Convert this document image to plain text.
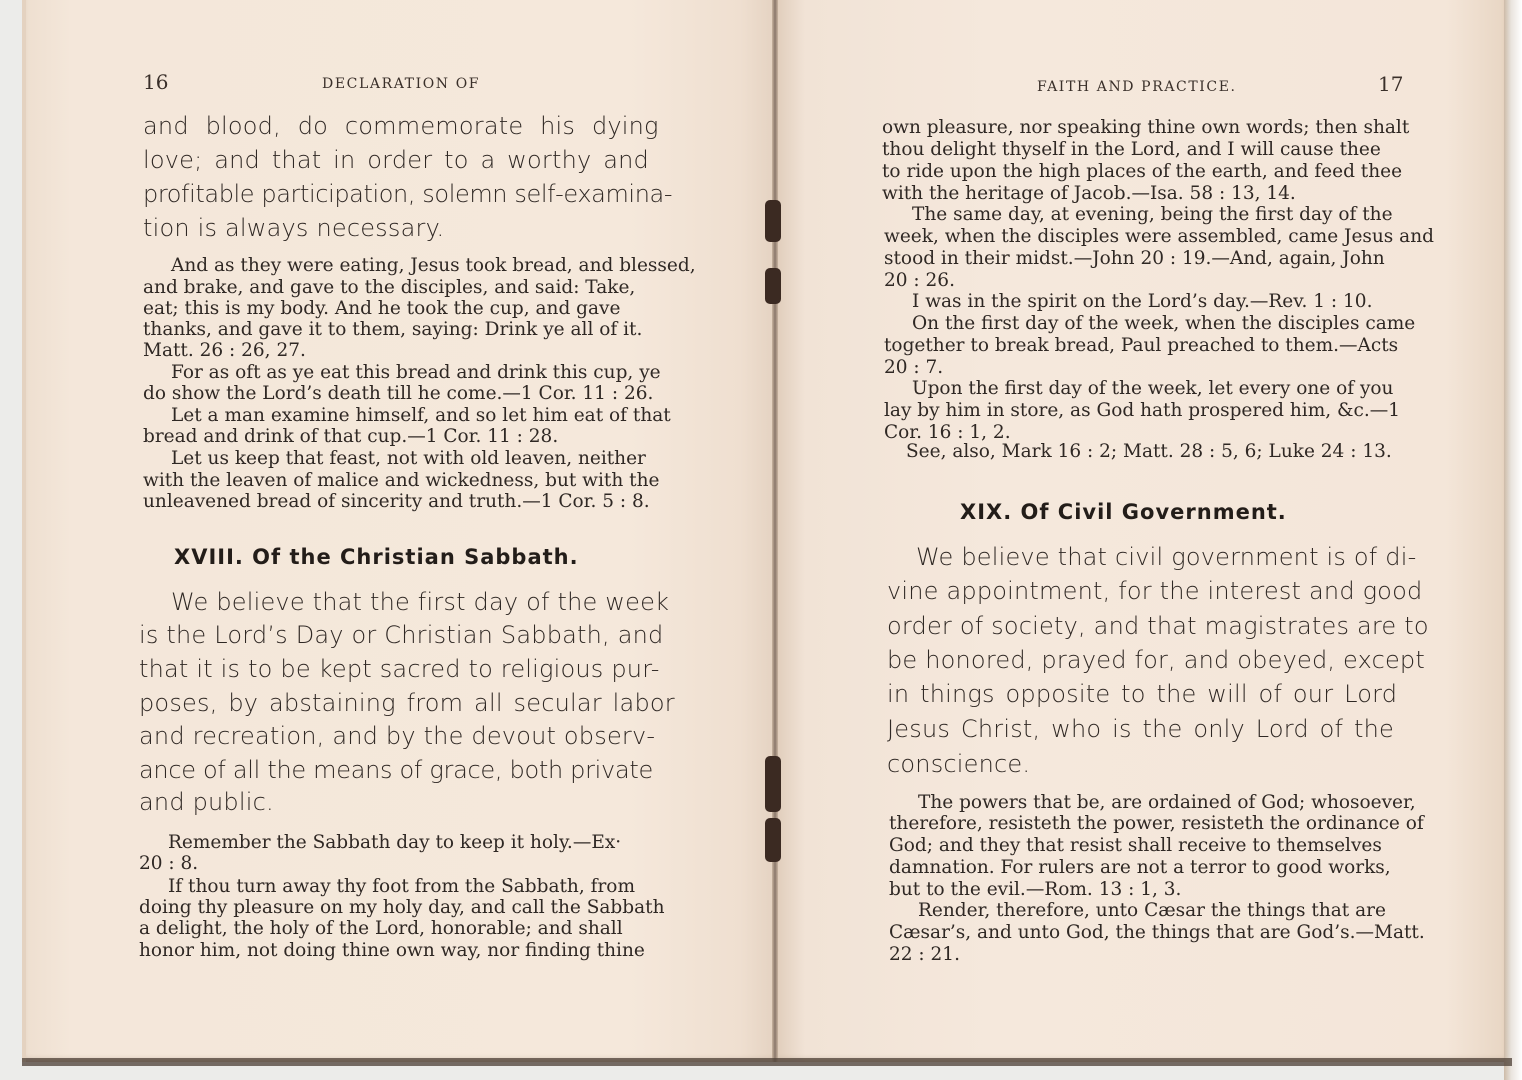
16	DECLARATION OF
and blood, do commemorate his dying
love; and that in order to a worthy and
profitable participation, solemn self-examina-
tion is always necessary.
And as they were eating, Jesus took bread, and blessed,
and brake, and gave to the disciples, and said: Take,
eat; this is my body. And he took the cup, and gave
thanks, and gave it to them, saying: Drink ye all of it.
Matt. 26 : 26, 27.
For as oft as ye eat this bread and drink this cup, ye
do show the Lord’s death till he come.—1 Cor. 11 : 26.
Let a man examine himself, and so let him eat of that
bread and drink of that cup.—1 Cor. 11 : 28.
Let us keep that feast, not with old leaven, neither
with the leaven of malice and wickedness, but with the
unleavened bread of sincerity and truth.—1 Cor. 5 : 8.
XVIII. Of the Christian Sabbath.
We believe that the first day of the week
is the Lord’s Day or Christian Sabbath, and
that it is to be kept sacred to religious pur-
poses, by abstaining from all secular labor
and recreation, and by the devout observ-
ance of all the means of grace, both private
and public.
Remember the Sabbath day to keep it holy.—Ex·
20 : 8.
If thou turn away thy foot from the Sabbath, from
doing thy pleasure on my holy day, and call the Sabbath
a delight, the holy of the Lord, honorable; and shall
honor him, not doing thine own way, nor finding thine
FAITH AND PRACTICE.	17
own pleasure, nor speaking thine own words; then shalt
thou delight thyself in the Lord, and I will cause thee
to ride upon the high places of the earth, and feed thee
with the heritage of Jacob.—Isa. 58 : 13, 14.
The same day, at evening, being the first day of the
week, when the disciples were assembled, came Jesus and
stood in their midst.—John 20 : 19.—And, again, John
20 : 26.
I was in the spirit on the Lord’s day.—Rev. 1 : 10.
On the first day of the week, when the disciples came
together to break bread, Paul preached to them.—Acts
20 : 7.
Upon the first day of the week, let every one of you
lay by him in store, as God hath prospered him, &c.—1
Cor. 16 : 1, 2.
See, also, Mark 16 : 2; Matt. 28 : 5, 6; Luke 24 : 13.
XIX. Of Civil Government.
We believe that civil government is of di-
vine appointment, for the interest and good
order of society, and that magistrates are to
be honored, prayed for, and obeyed, except
in things opposite to the will of our Lord
Jesus Christ, who is the only Lord of the
conscience.
The powers that be, are ordained of God; whosoever,
therefore, resisteth the power, resisteth the ordinance of
God; and they that resist shall receive to themselves
damnation. For rulers are not a terror to good works,
but to the evil.—Rom. 13 : 1, 3.
Render, therefore, unto Cæsar the things that are
Cæsar’s, and unto God, the things that are God’s.—Matt.
22 : 21.
